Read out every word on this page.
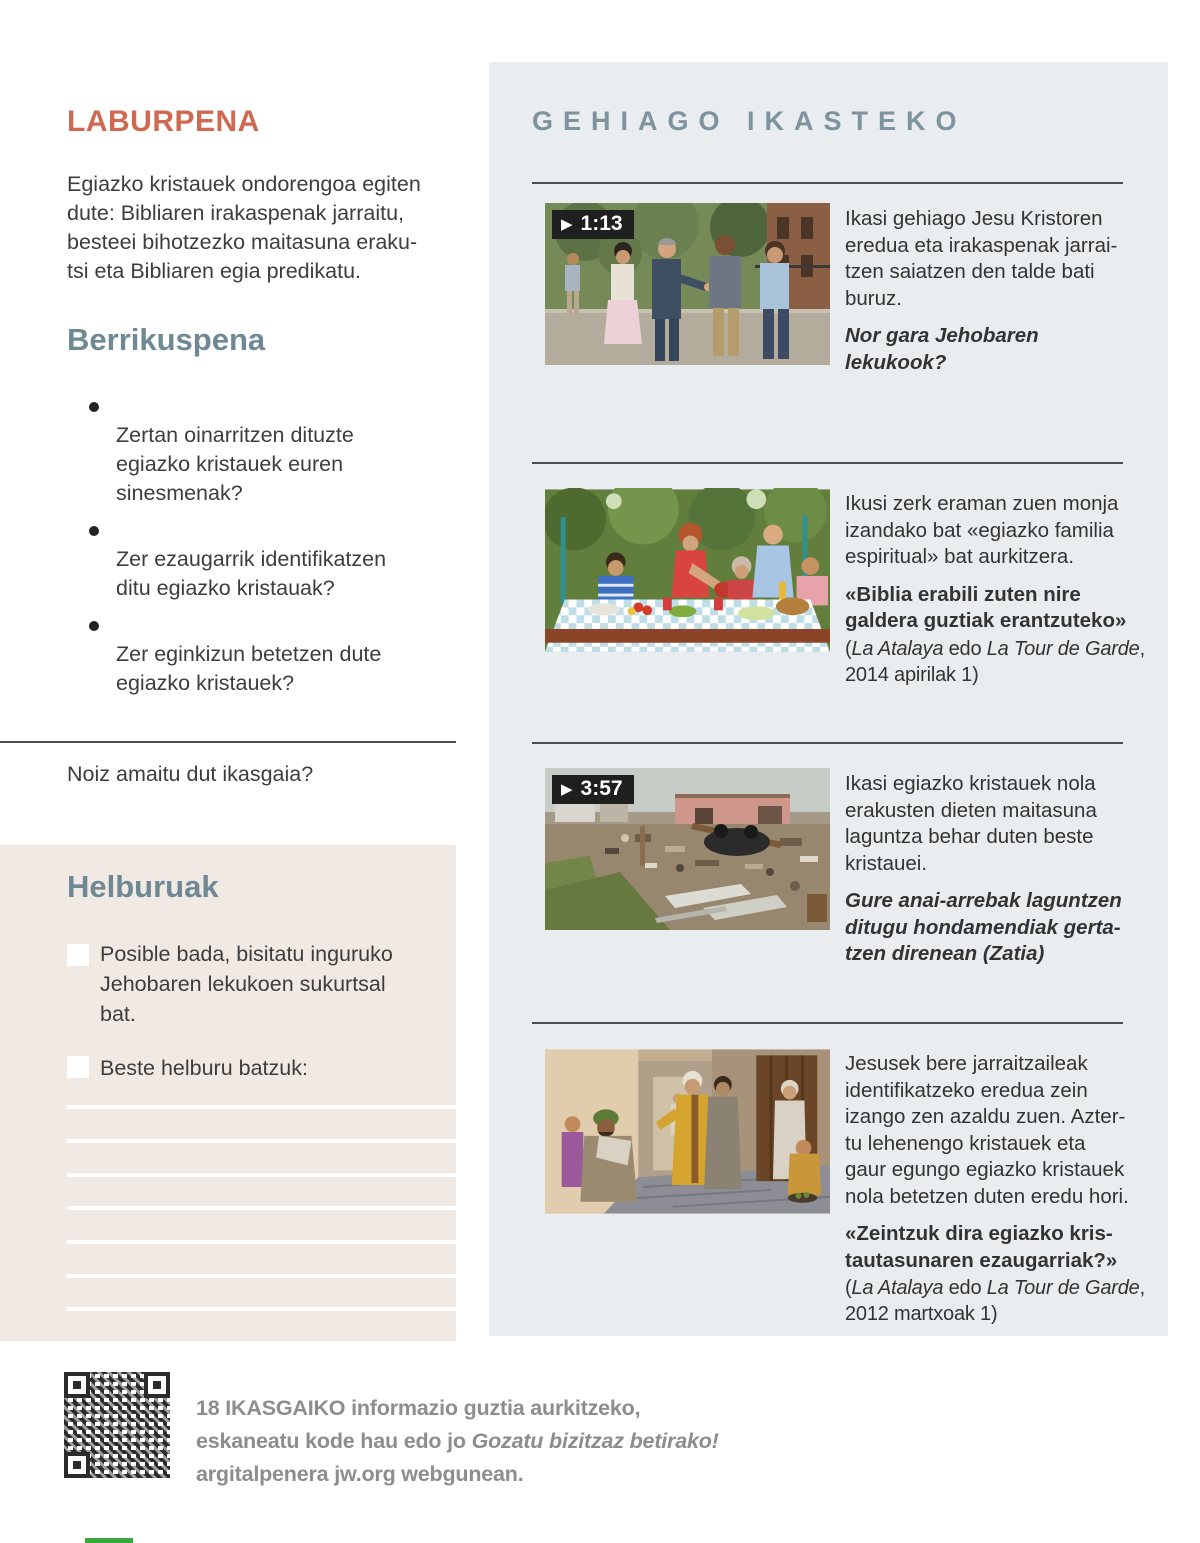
LABURPENA
Egiazko kristauek ondorengoa egiten
dute: Bibliaren irakaspenak jarraitu,
besteei bihotzezko maitasuna eraku-
tsi eta Bibliaren egia predikatu.
Berrikuspena

Zertan oinarritzen dituzte
egiazko kristauek euren
sinesmenak?

Zer ezaugarrik identifikatzen
ditu egiazko kristauak?

Zer eginkizun betetzen dute
egiazko kristauek?

Noiz amaitu dut ikasgaia?
Helburuak
Posible bada, bisitatu inguruko
Jehobaren lekukoen sukurtsal
bat.
Beste helburu batzuk:
GEHIAGO IKASTEKO
▶ 1:13	Ikasi gehiago Jesu Kristoren
eredua eta irakaspenak jarrai-
tzen saiatzen den talde bati
buruz.
Nor gara Jehobaren
lekukook?
Ikusi zerk eraman zuen monja
izandako bat «egiazko familia
espiritual» bat aurkitzera.
«Biblia erabili zuten nire
galdera guztiak erantzuteko»
(La Atalaya edo La Tour de Garde, 2014 apirilak 1)
▶ 3:57	Ikasi egiazko kristauek nola
erakusten dieten maitasuna
laguntza behar duten beste
kristauei.
Gure anai-arrebak laguntzen
ditugu hondamendiak gerta-
tzen direnean (Zatia)
Jesusek bere jarraitzaileak
identifikatzeko eredua zein
izango zen azaldu zuen. Azter-
tu lehenengo kristauek eta
gaur egungo egiazko kristauek
nola betetzen duten eredu hori.
«Zeintzuk dira egiazko kris-
tautasunaren ezaugarriak?»
(La Atalaya edo La Tour de Garde, 2012 martxoak 1)
18 IKASGAIKO informazio guztia aurkitzeko,
eskaneatu kode hau edo jo Gozatu bizitzaz betirako!
argitalpenera jw.org webgunean.
